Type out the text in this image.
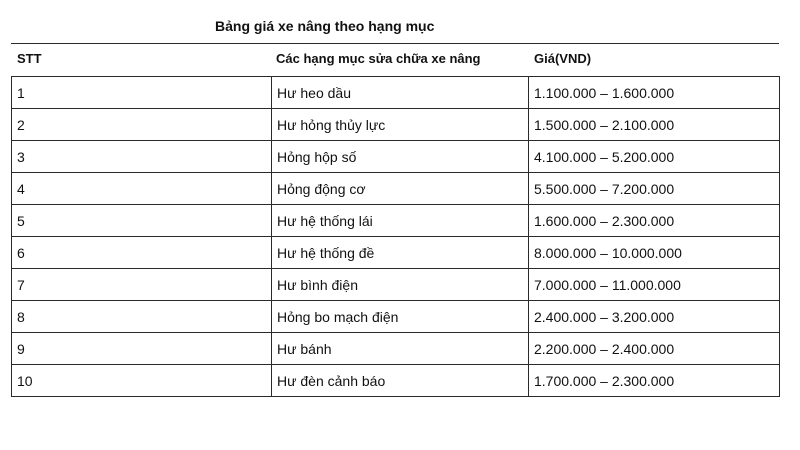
Bảng giá xe nâng theo hạng mục
STT	Các hạng mục sửa chữa xe nâng	Giá(VND)
1	Hư heo dầu	1.100.000 – 1.600.000
2	Hư hỏng thủy lực	1.500.000 – 2.100.000
3	Hỏng hộp số	4.100.000 – 5.200.000
4	Hỏng động cơ	5.500.000 – 7.200.000
5	Hư hệ thống lái	1.600.000 – 2.300.000
6	Hư hệ thống đề	8.000.000 – 10.000.000
7	Hư bình điện	7.000.000 – 11.000.000
8	Hỏng bo mạch điện	2.400.000 – 3.200.000
9	Hư bánh	2.200.000 – 2.400.000
10	Hư đèn cảnh báo	1.700.000 – 2.300.000
